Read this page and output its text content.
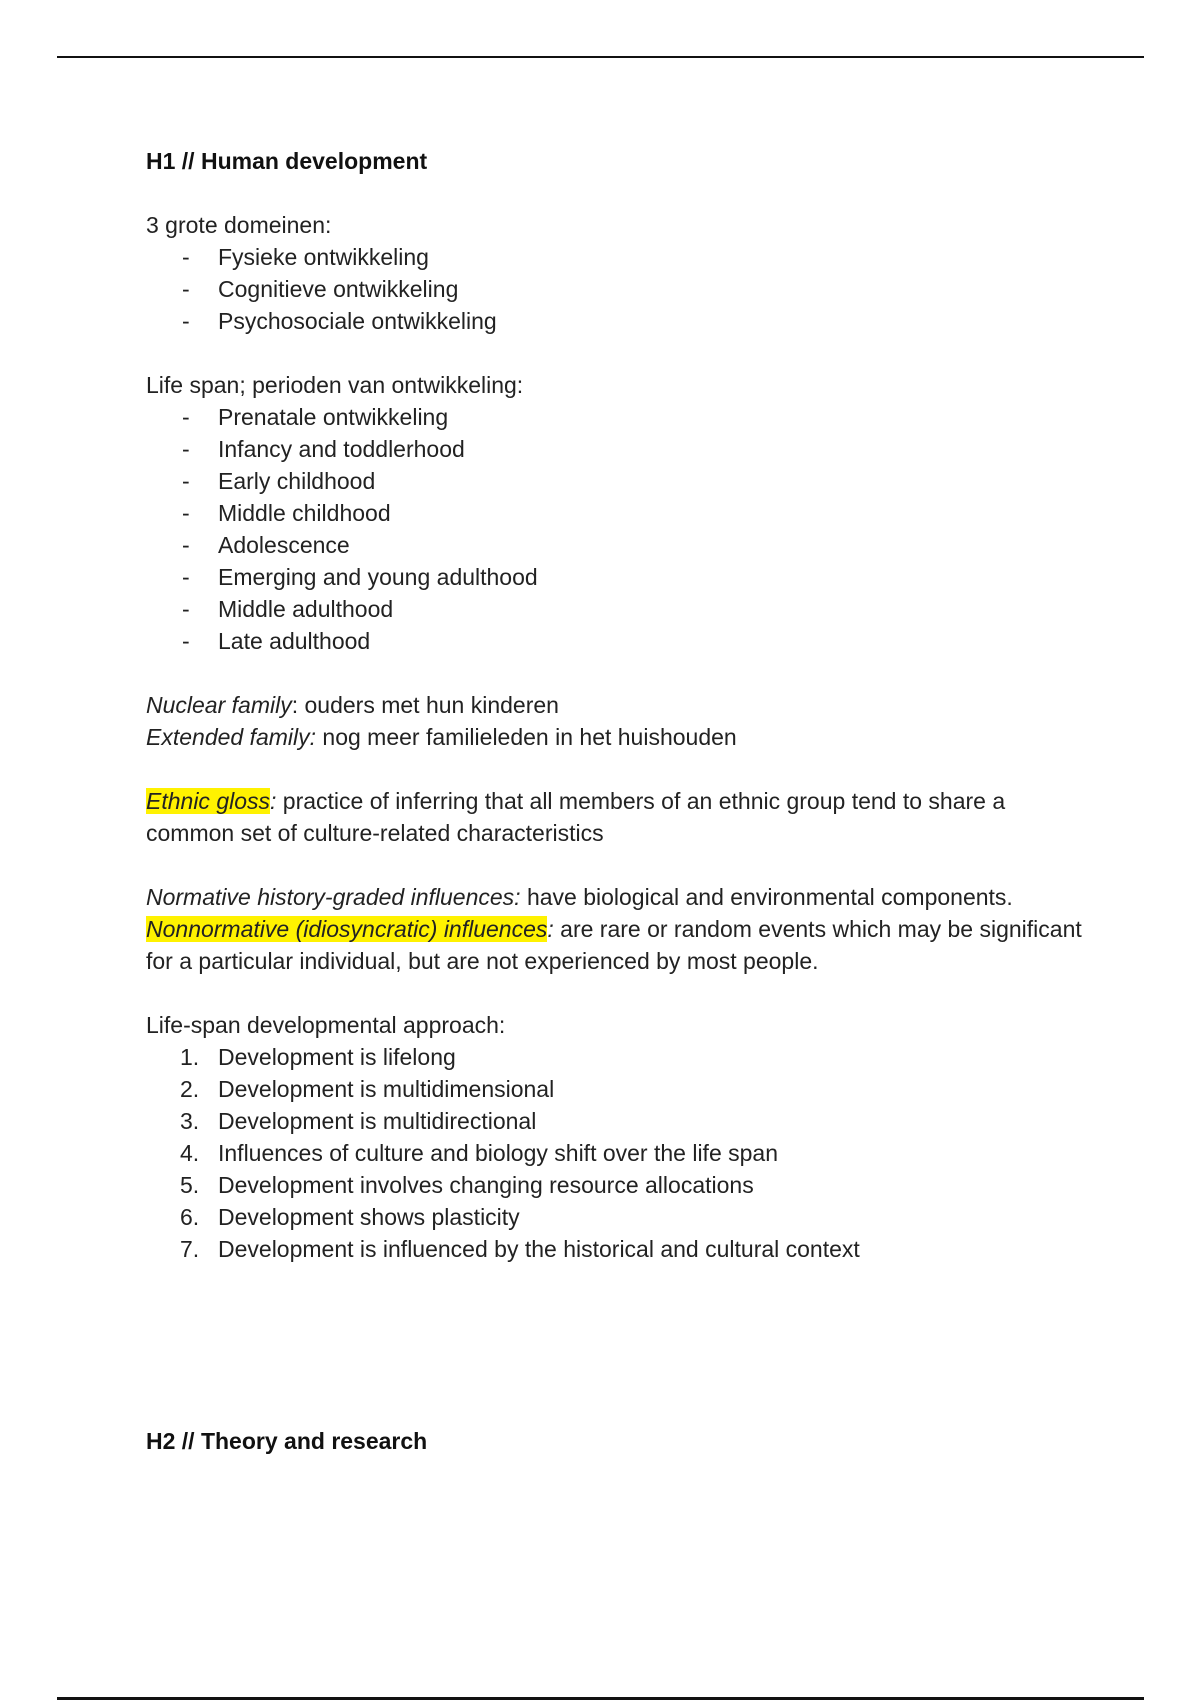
H1 // Human development

3 grote domeinen:

- Fysieke ontwikkeling
- Cognitieve ontwikkeling
- Psychosociale ontwikkeling

Life span; perioden van ontwikkeling:

- Prenatale ontwikkeling
- Infancy and toddlerhood
- Early childhood
- Middle childhood
- Adolescence
- Emerging and young adulthood
- Middle adulthood
- Late adulthood

Nuclear family: ouders met hun kinderen

Extended family: nog meer familieleden in het huishouden

Ethnic gloss: practice of inferring that all members of an ethnic group tend to share a common set of culture-related characteristics

Normative history-graded influences: have biological and environmental components.

Nonnormative (idiosyncratic) influences: are rare or random events which may be significant for a particular individual, but are not experienced by most people.

Life-span developmental approach:

1. Development is lifelong
2. Development is multidimensional
3. Development is multidirectional
4. Influences of culture and biology shift over the life span
5. Development involves changing resource allocations
6. Development shows plasticity
7. Development is influenced by the historical and cultural context

H2 // Theory and research
